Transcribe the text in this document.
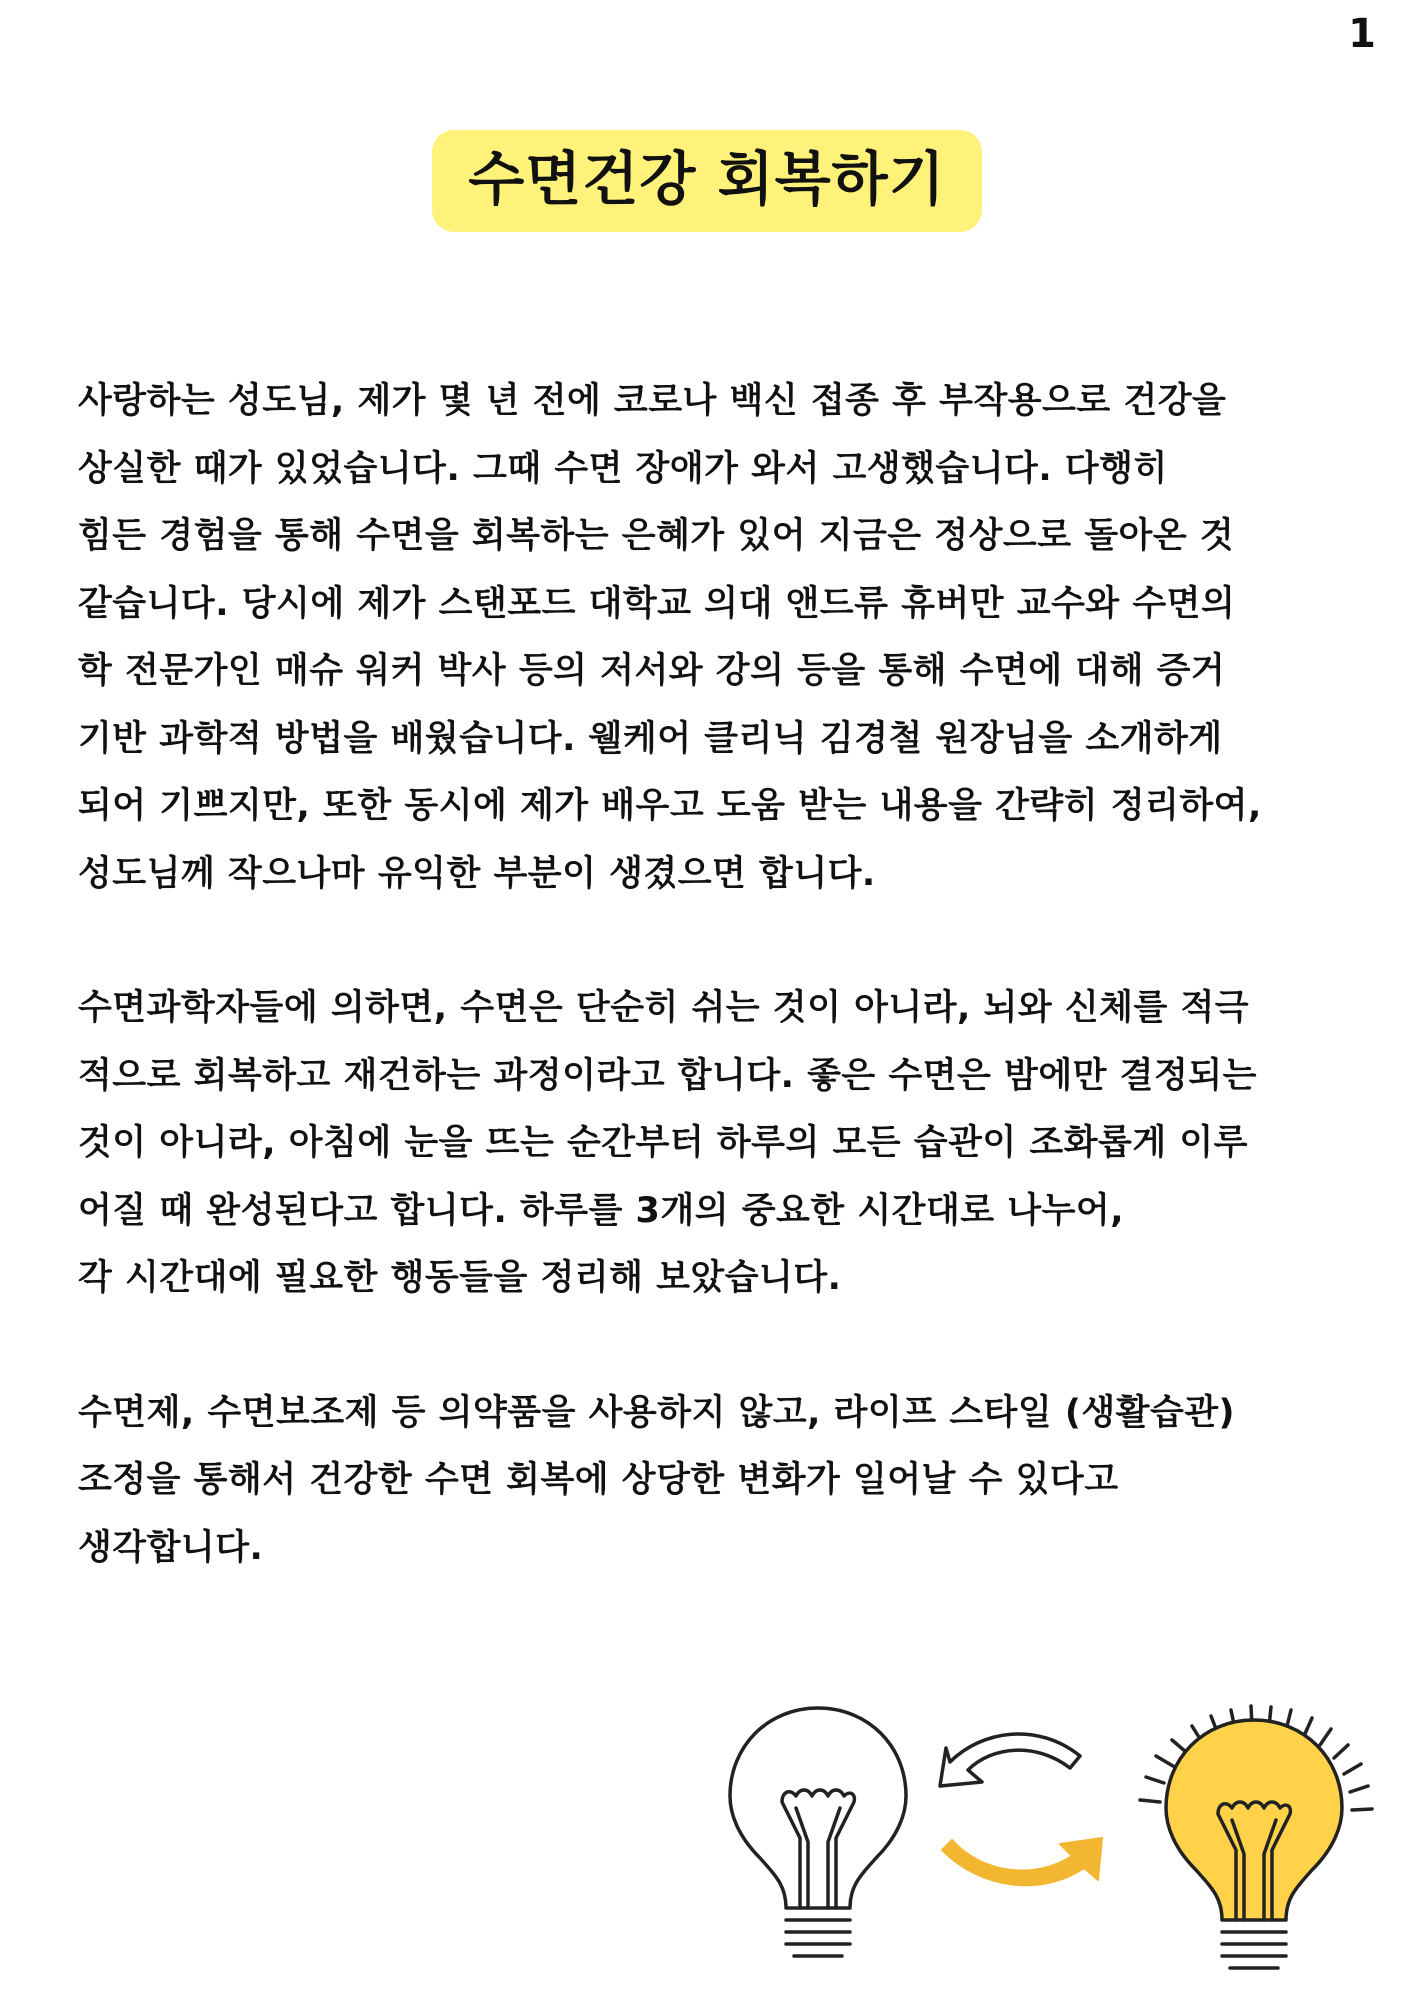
1
수면건강 회복하기

사랑하는 성도님, 제가 몇 년 전에 코로나 백신 접종 후 부작용으로 건강을
상실한 때가 있었습니다. 그때 수면 장애가 와서 고생했습니다. 다행히
힘든 경험을 통해 수면을 회복하는 은혜가 있어 지금은 정상으로 돌아온 것
같습니다. 당시에 제가 스탠포드 대학교 의대 앤드류 휴버만 교수와 수면의
학 전문가인 매슈 워커 박사 등의 저서와 강의 등을 통해 수면에 대해 증거
기반 과학적 방법을 배웠습니다. 웰케어 클리닉 김경철 원장님을 소개하게
되어 기쁘지만, 또한 동시에 제가 배우고 도움 받는 내용을 간략히 정리하여,
성도님께 작으나마 유익한 부분이 생겼으면 합니다.

수면과학자들에 의하면, 수면은 단순히 쉬는 것이 아니라, 뇌와 신체를 적극
적으로 회복하고 재건하는 과정이라고 합니다. 좋은 수면은 밤에만 결정되는
것이 아니라, 아침에 눈을 뜨는 순간부터 하루의 모든 습관이 조화롭게 이루
어질 때 완성된다고 합니다. 하루를 3개의 중요한 시간대로 나누어,
각 시간대에 필요한 행동들을 정리해 보았습니다.

수면제, 수면보조제 등 의약품을 사용하지 않고, 라이프 스타일 (생활습관)
조정을 통해서 건강한 수면 회복에 상당한 변화가 일어날 수 있다고
생각합니다.
